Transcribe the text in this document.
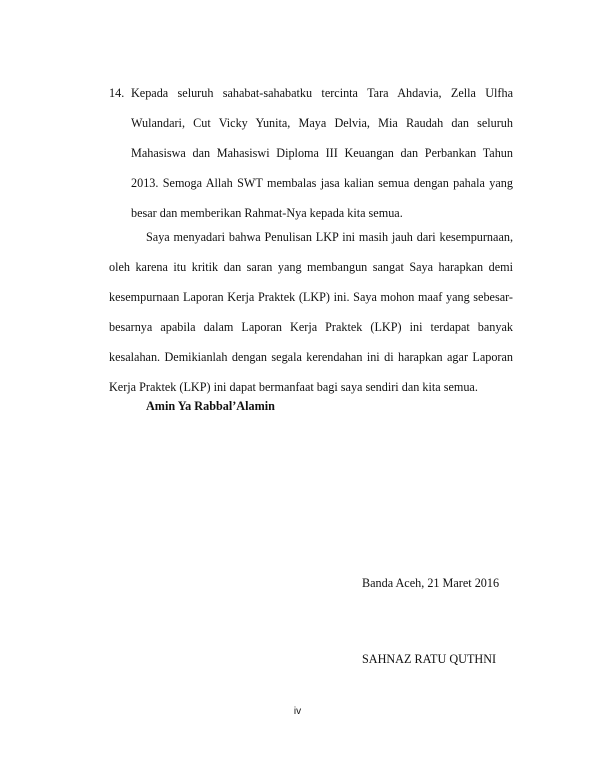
14. Kepada seluruh sahabat-sahabatku tercinta Tara Ahdavia, Zella Ulfha Wulandari, Cut Vicky Yunita, Maya Delvia, Mia Raudah dan seluruh Mahasiswa dan Mahasiswi Diploma III Keuangan dan Perbankan Tahun 2013. Semoga Allah SWT membalas jasa kalian semua dengan pahala yang besar dan memberikan Rahmat-Nya kepada kita semua.

Saya menyadari bahwa Penulisan LKP ini masih jauh dari kesempurnaan, oleh karena itu kritik dan saran yang membangun sangat Saya harapkan demi kesempurnaan Laporan Kerja Praktek (LKP) ini. Saya mohon maaf yang sebesar-besarnya apabila dalam Laporan Kerja Praktek (LKP) ini terdapat banyak kesalahan. Demikianlah dengan segala kerendahan ini di harapkan agar Laporan Kerja Praktek (LKP) ini dapat bermanfaat bagi saya sendiri dan kita semua.

Amin Ya Rabbal’Alamin

Banda Aceh, 21 Maret 2016

SAHNAZ RATU QUTHNI

iv
